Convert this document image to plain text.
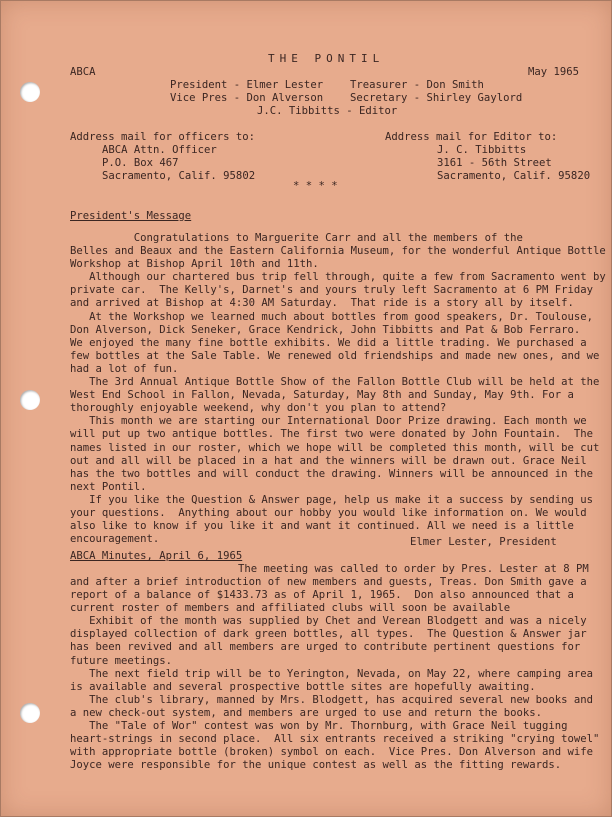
THE PONTIL
ABCA	May 1965
President - Elmer Lester	Treasurer - Don Smith
Vice Pres - Don Alverson	Secretary - Shirley Gaylord
J.C. Tibbitts - Editor
Address mail for officers to:
ABCA Attn. Officer
P.O. Box 467
Sacramento, Calif. 95802
Address mail for Editor to:
J. C. Tibbitts
3161 - 56th Street
Sacramento, Calif. 95820
* * * *
President's Message
Congratulations to Marguerite Carr and all the members of the
Belles and Beaux and the Eastern California Museum, for the wonderful Antique Bottle
Workshop at Bishop April 10th and 11th.
Although our chartered bus trip fell through, quite a few from Sacramento went by
private car.  The Kelly's, Darnet's and yours truly left Sacramento at 6 PM Friday
and arrived at Bishop at 4:30 AM Saturday.  That ride is a story all by itself.
At the Workshop we learned much about bottles from good speakers, Dr. Toulouse,
Don Alverson, Dick Seneker, Grace Kendrick, John Tibbitts and Pat & Bob Ferraro.
We enjoyed the many fine bottle exhibits. We did a little trading. We purchased a
few bottles at the Sale Table. We renewed old friendships and made new ones, and we
had a lot of fun.
The 3rd Annual Antique Bottle Show of the Fallon Bottle Club will be held at the
West End School in Fallon, Nevada, Saturday, May 8th and Sunday, May 9th. For a
thoroughly enjoyable weekend, why don't you plan to attend?
This month we are starting our International Door Prize drawing. Each month we
will put up two antique bottles. The first two were donated by John Fountain.  The
names listed in our roster, which we hope will be completed this month, will be cut
out and all will be placed in a hat and the winners will be drawn out. Grace Neil
has the two bottles and will conduct the drawing. Winners will be announced in the
next Pontil.
If you like the Question & Answer page, help us make it a success by sending us
your questions.  Anything about our hobby you would like information on. We would
also like to know if you like it and want it continued. All we need is a little
encouragement.	Elmer Lester, President
ABCA Minutes, April 6, 1965
The meeting was called to order by Pres. Lester at 8 PM
and after a brief introduction of new members and guests, Treas. Don Smith gave a
report of a balance of $1433.73 as of April 1, 1965.  Don also announced that a
current roster of members and affiliated clubs will soon be available
Exhibit of the month was supplied by Chet and Verean Blodgett and was a nicely
displayed collection of dark green bottles, all types.  The Question & Answer jar
has been revived and all members are urged to contribute pertinent questions for
future meetings.
The next field trip will be to Yerington, Nevada, on May 22, where camping area
is available and several prospective bottle sites are hopefully awaiting.
The club's library, manned by Mrs. Blodgett, has acquired several new books and
a new check-out system, and members are urged to use and return the books.
The "Tale of Wor" contest was won by Mr. Thornburg, with Grace Neil tugging
heart-strings in second place.  All six entrants received a striking "crying towel"
with appropriate bottle (broken) symbol on each.  Vice Pres. Don Alverson and wife
Joyce were responsible for the unique contest as well as the fitting rewards.
